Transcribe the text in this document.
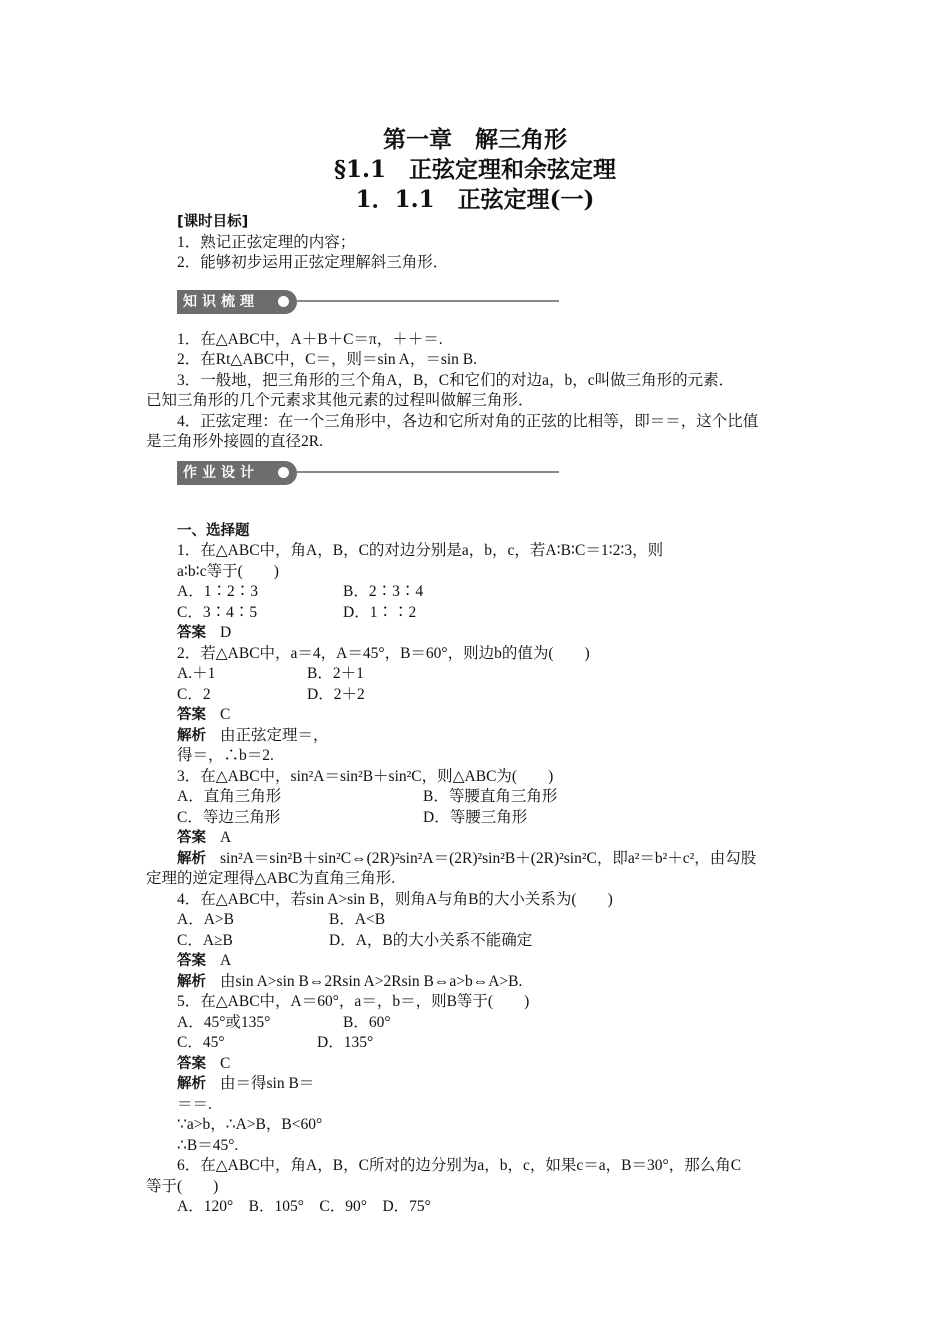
第一章　解三角形
§1.1　正弦定理和余弦定理
1．1.1　正弦定理(一)
[课时目标]
1．熟记正弦定理的内容；
2．能够初步运用正弦定理解斜三角形．
知识梳理
1．在△ABC中，A＋B＋C＝π，＋＋＝.
2．在Rt△ABC中，C＝，则＝sin A，＝sin B.
3．一般地，把三角形的三个角A，B，C和它们的对边a，b，c叫做三角形的元素．
已知三角形的几个元素求其他元素的过程叫做解三角形．
4．正弦定理：在一个三角形中，各边和它所对角的正弦的比相等，即＝＝，这个比值
是三角形外接圆的直径2R.
作业设计
一、选择题
1．在△ABC中，角A，B，C的对边分别是a，b，c，若A∶B∶C＝1∶2∶3，则
a∶b∶c等于(　　)
A．1∶2∶3	B．2∶3∶4
C．3∶4∶5	D．1∶∶2
答案 D
2．若△ABC中，a＝4，A＝45°，B＝60°，则边b的值为(　　)
A.＋1	B．2＋1
C．2	D．2＋2
答案 C
解析 由正弦定理＝，
得＝，∴b＝2.
3．在△ABC中，sin²A＝sin²B＋sin²C，则△ABC为(　　)
A．直角三角形	B．等腰直角三角形
C．等边三角形	D．等腰三角形
答案 A
解析 sin²A＝sin²B＋sin²C⇔(2R)²sin²A＝(2R)²sin²B＋(2R)²sin²C，即a²＝b²＋c²，由勾股
定理的逆定理得△ABC为直角三角形.
4．在△ABC中，若sin A>sin B，则角A与角B的大小关系为(　　)
A．A>B	B．A<B
C．A≥B	D．A，B的大小关系不能确定
答案 A
解析 由sin A>sin B⇔2Rsin A>2Rsin B⇔a>b⇔A>B.
5．在△ABC中，A＝60°，a＝，b＝，则B等于(　　)
A．45°或135°	B．60°
C．45°	D．135°
答案 C
解析 由＝得sin B＝
＝＝.
∵a>b，∴A>B，B<60°
∴B＝45°.
6．在△ABC中，角A，B，C所对的边分别为a，b，c，如果c＝a，B＝30°，那么角C
等于(　　)
A．120°　B．105°　C．90°　D．75°
